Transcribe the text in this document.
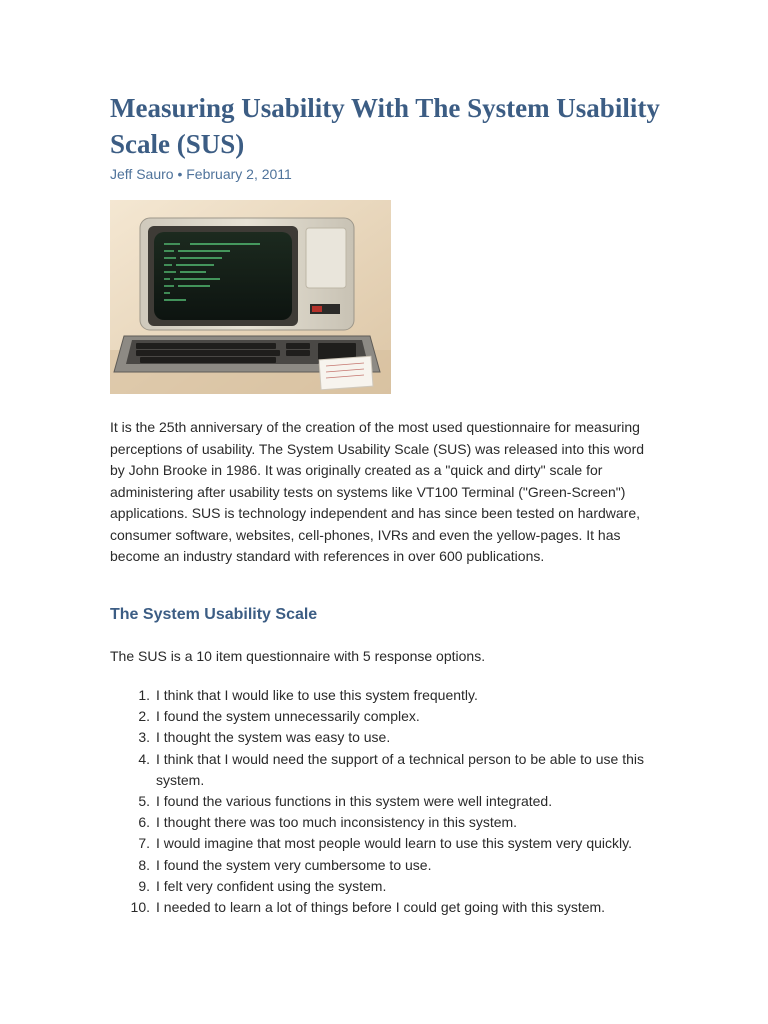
Measuring Usability With The System Usability Scale (SUS)

Jeff Sauro • February 2, 2011

It is the 25th anniversary of the creation of the most used questionnaire for measuring perceptions of usability. The System Usability Scale (SUS) was released into this word by John Brooke in 1986. It was originally created as a "quick and dirty" scale for administering after usability tests on systems like VT100 Terminal ("Green-Screen") applications. SUS is technology independent and has since been tested on hardware, consumer software, websites, cell-phones, IVRs and even the yellow-pages. It has become an industry standard with references in over 600 publications.

The System Usability Scale

The SUS is a 10 item questionnaire with 5 response options.

1. I think that I would like to use this system frequently.
2. I found the system unnecessarily complex.
3. I thought the system was easy to use.
4. I think that I would need the support of a technical person to be able to use this system.
5. I found the various functions in this system were well integrated.
6. I thought there was too much inconsistency in this system.
7. I would imagine that most people would learn to use this system very quickly.
8. I found the system very cumbersome to use.
9. I felt very confident using the system.
10. I needed to learn a lot of things before I could get going with this system.
